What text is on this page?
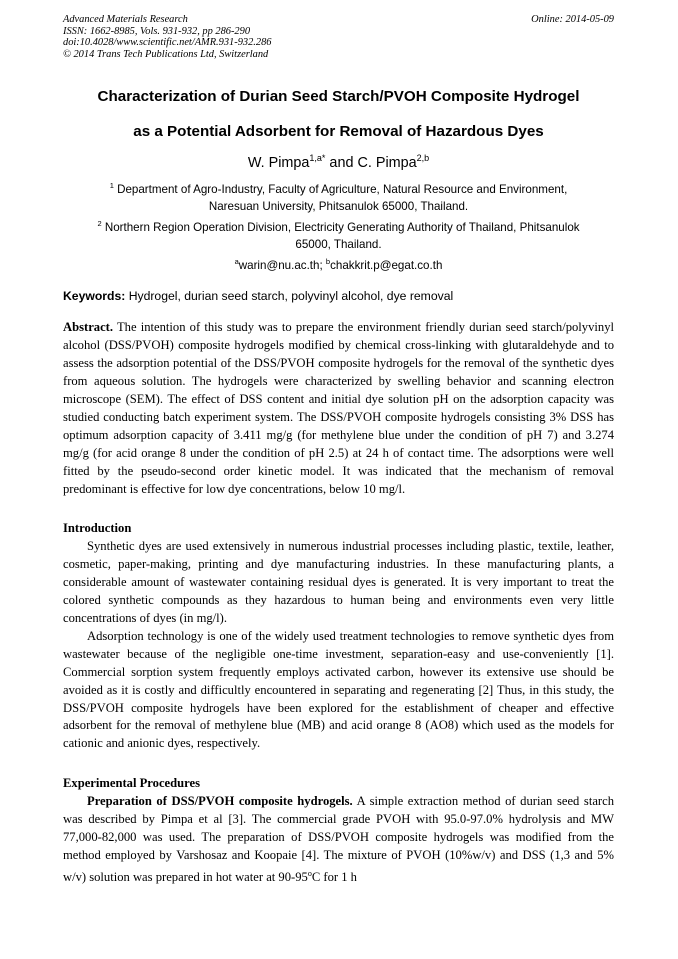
Advanced Materials Research
ISSN: 1662-8985, Vols. 931-932, pp 286-290
doi:10.4028/www.scientific.net/AMR.931-932.286
© 2014 Trans Tech Publications Ltd, Switzerland
Online: 2014-05-09

Characterization of Durian Seed Starch/PVOH Composite Hydrogel

as a Potential Adsorbent for Removal of Hazardous Dyes

W. Pimpa$^{1,a*}$ and C. Pimpa$^{2,b}$
$^1$ Department of Agro-Industry, Faculty of Agriculture, Natural Resource and Environment,
Naresuan University, Phitsanulok 65000, Thailand.
$^2$ Northern Region Operation Division, Electricity Generating Authority of Thailand, Phitsanulok
65000, Thailand.
$^a$warin@nu.ac.th; $^b$chakkrit.p@egat.co.th
Keywords: Hydrogel, durian seed starch, polyvinyl alcohol, dye removal

Abstract. The intention of this study was to prepare the environment friendly durian seed starch/polyvinyl alcohol (DSS/PVOH) composite hydrogels modified by chemical cross-linking with glutaraldehyde and to assess the adsorption potential of the DSS/PVOH composite hydrogels for the removal of the synthetic dyes from aqueous solution. The hydrogels were characterized by swelling behavior and scanning electron microscope (SEM). The effect of DSS content and initial dye solution pH on the adsorption capacity was studied conducting batch experiment system. The DSS/PVOH composite hydrogels consisting 3% DSS has optimum adsorption capacity of 3.411 mg/g (for methylene blue under the condition of pH 7) and 3.274 mg/g (for acid orange 8 under the condition of pH 2.5) at 24 h of contact time. The adsorptions were well fitted by the pseudo-second order kinetic model. It was indicated that the mechanism of removal predominant is effective for low dye concentrations, below 10 mg/l.

Introduction

Synthetic dyes are used extensively in numerous industrial processes including plastic, textile, leather, cosmetic, paper-making, printing and dye manufacturing industries. In these manufacturing plants, a considerable amount of wastewater containing residual dyes is generated. It is very important to treat the colored synthetic compounds as they hazardous to human being and environments even very little concentrations of dyes (in mg/l).

Adsorption technology is one of the widely used treatment technologies to remove synthetic dyes from wastewater because of the negligible one-time investment, separation-easy and use-conveniently [1]. Commercial sorption system frequently employs activated carbon, however its extensive use should be avoided as it is costly and difficultly encountered in separating and regenerating [2] Thus, in this study, the DSS/PVOH composite hydrogels have been explored for the establishment of cheaper and effective adsorbent for the removal of methylene blue (MB) and acid orange 8 (AO8) which used as the models for cationic and anionic dyes, respectively.

Experimental Procedures

Preparation of DSS/PVOH composite hydrogels. A simple extraction method of durian seed starch was described by Pimpa et al [3]. The commercial grade PVOH with 95.0-97.0% hydrolysis and MW 77,000-82,000 was used. The preparation of DSS/PVOH composite hydrogels was modified from the method employed by Varshosaz and Koopaie [4]. The mixture of PVOH (10%w/v) and DSS (1,3 and 5% w/v) solution was prepared in hot water at 90-95$^o$C for 1 h
